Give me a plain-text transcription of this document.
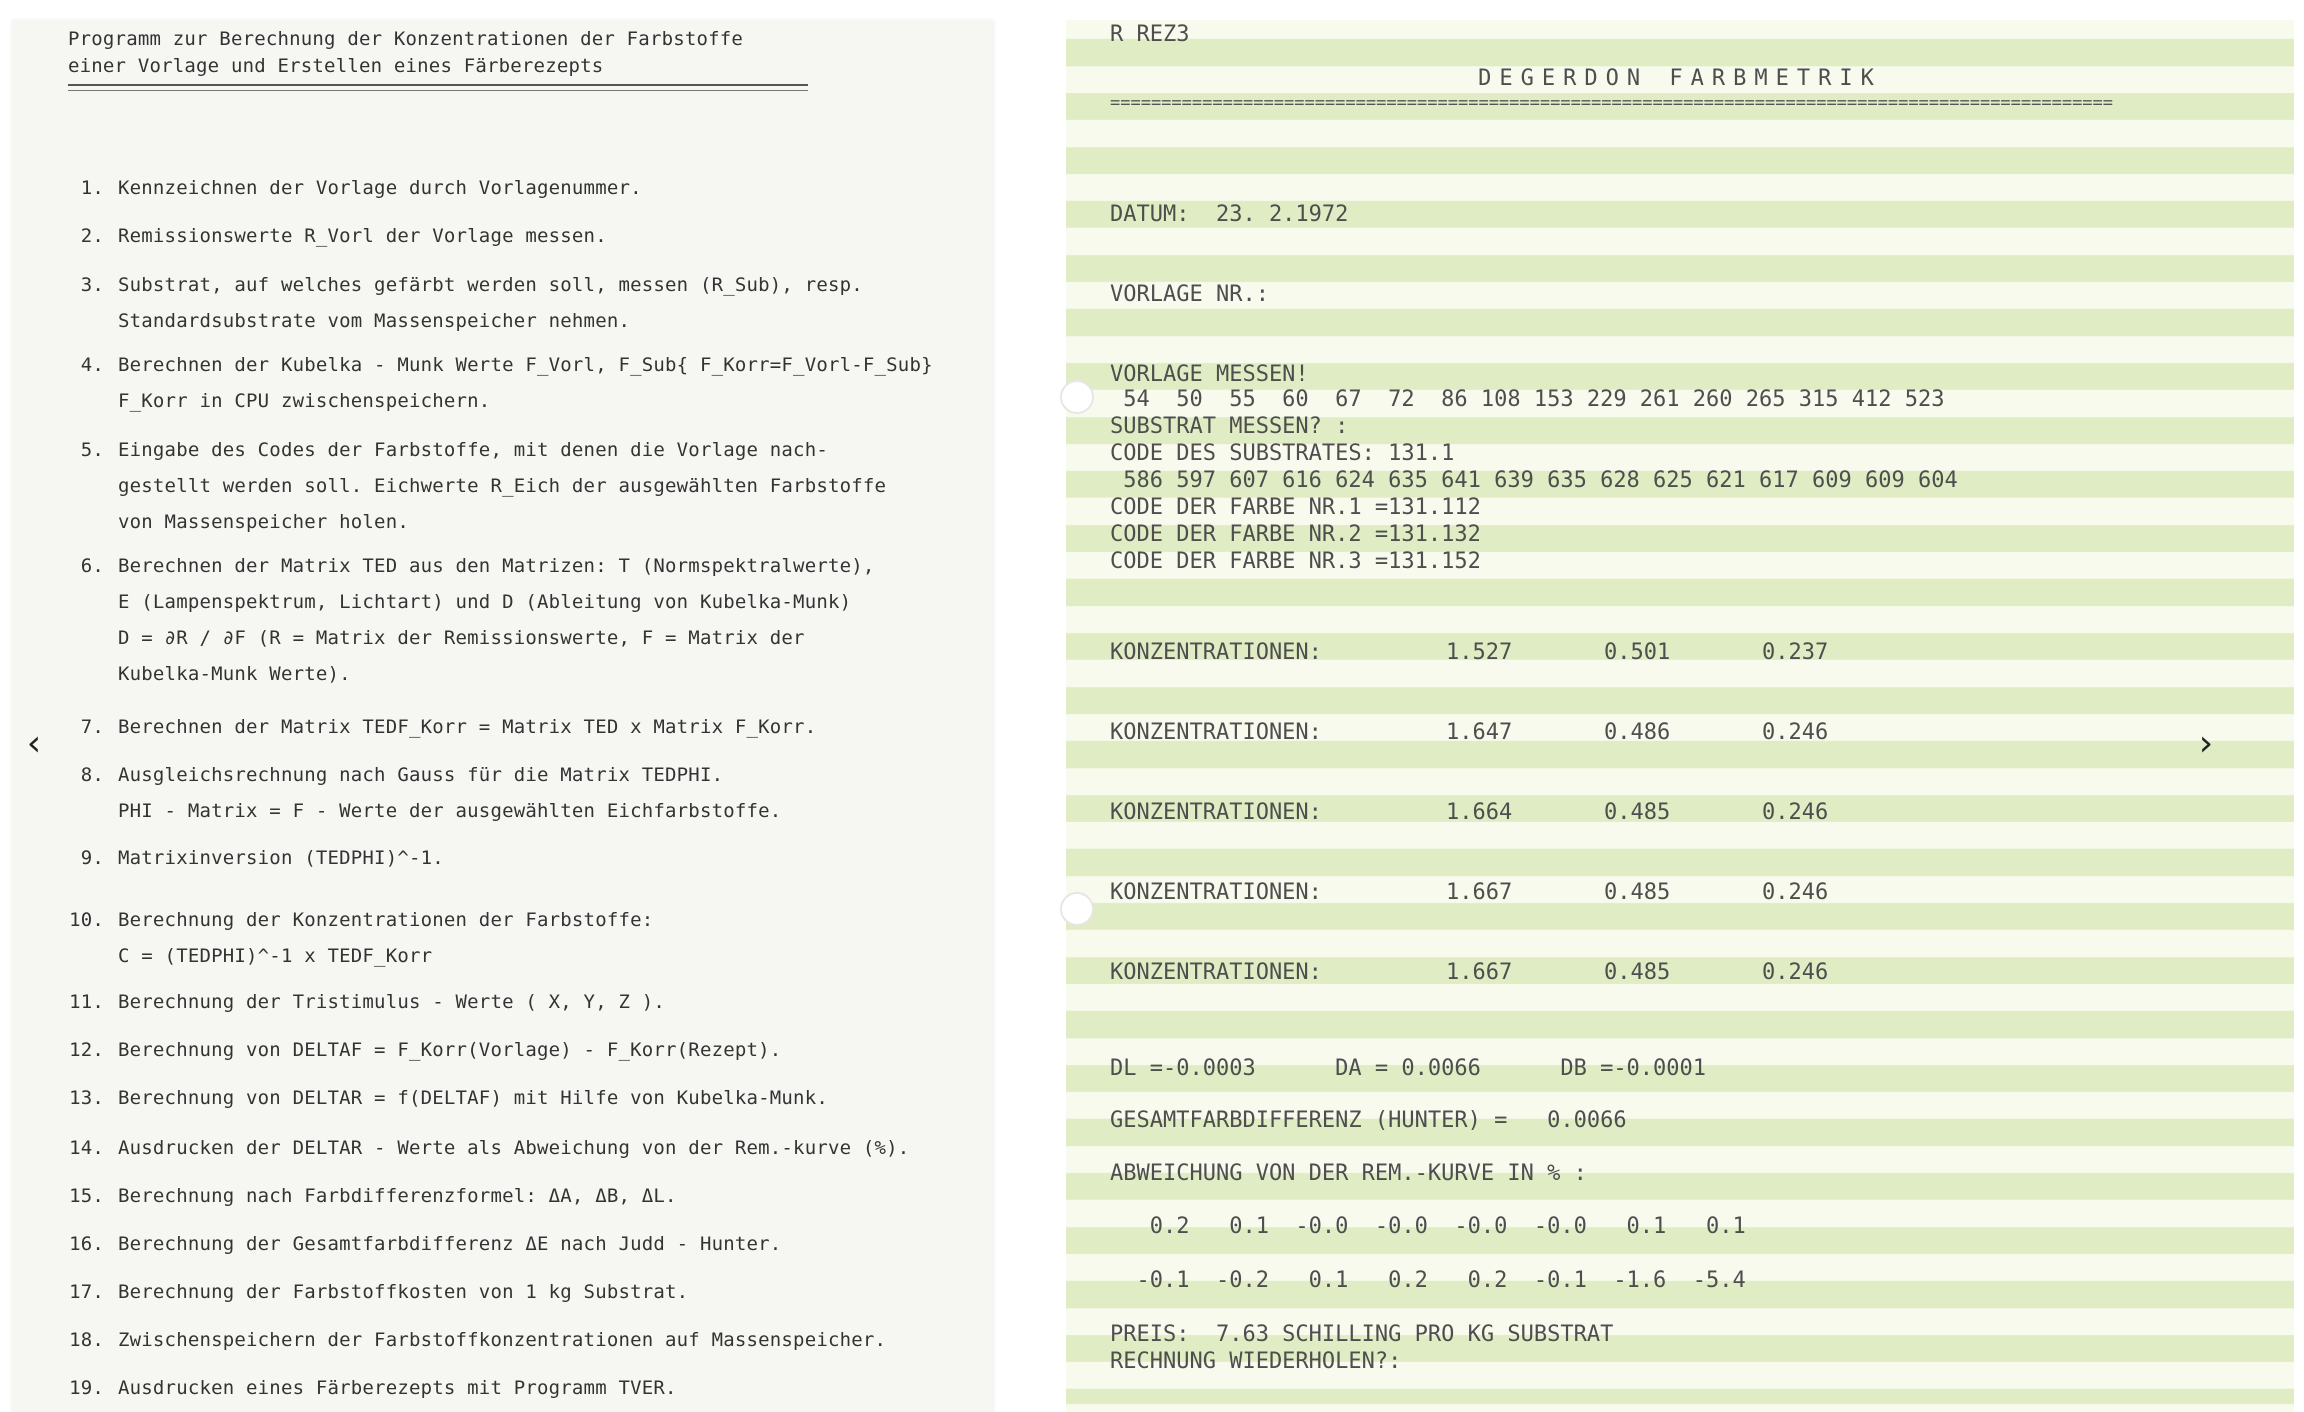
Programm zur Berechnung der Konzentrationen der Farbstoffe
einer Vorlage und Erstellen eines Färberezepts
1. Kennzeichnen der Vorlage durch Vorlagenummer.
2. Remissionswerte R_Vorl der Vorlage messen.
3. Substrat, auf welches gefärbt werden soll, messen (R_Sub), resp.
Standardsubstrate vom Massenspeicher nehmen.
4. Berechnen der Kubelka - Munk Werte F_Vorl, F_Sub{ F_Korr=F_Vorl-F_Sub}
F_Korr in CPU zwischenspeichern.
5. Eingabe des Codes der Farbstoffe, mit denen die Vorlage nach-
gestellt werden soll. Eichwerte R_Eich der ausgewählten Farbstoffe
von Massenspeicher holen.
6. Berechnen der Matrix TED aus den Matrizen: T (Normspektralwerte),
E (Lampenspektrum, Lichtart) und D (Ableitung von Kubelka-Munk)
D = ∂R / ∂F (R = Matrix der Remissionswerte, F = Matrix der
Kubelka-Munk Werte).
7. Berechnen der Matrix TEDF_Korr = Matrix TED x Matrix F_Korr.
8. Ausgleichsrechnung nach Gauss für die Matrix TEDPHI.
PHI - Matrix = F - Werte der ausgewählten Eichfarbstoffe.
9. Matrixinversion (TEDPHI)^-1.
10. Berechnung der Konzentrationen der Farbstoffe:
C = (TEDPHI)^-1 x TEDF_Korr
11. Berechnung der Tristimulus - Werte ( X, Y, Z ).
12. Berechnung von DELTAF = F_Korr(Vorlage) - F_Korr(Rezept).
13. Berechnung von DELTAR = f(DELTAF) mit Hilfe von Kubelka-Munk.
14. Ausdrucken der DELTAR - Werte als Abweichung von der Rem.-kurve (%).
15. Berechnung nach Farbdifferenzformel: ΔA, ΔB, ΔL.
16. Berechnung der Gesamtfarbdifferenz ΔE nach Judd - Hunter.
17. Berechnung der Farbstoffkosten von 1 kg Substrat.
18. Zwischenspeichern der Farbstoffkonzentrationen auf Massenspeicher.
19. Ausdrucken eines Färberezepts mit Programm TVER.
R REZ3
DEGERDON FARBMETRIK
==================================================================================================
DATUM:  23. 2.1972
VORLAGE NR.:
VORLAGE MESSEN!
54  50  55  60  67  72  86 108 153 229 261 260 265 315 412 523
SUBSTRAT MESSEN? :
CODE DES SUBSTRATES: 131.1
586 597 607 616 624 635 641 639 635 628 625 621 617 609 609 604
CODE DER FARBE NR.1 =131.112
CODE DER FARBE NR.2 =131.132
CODE DER FARBE NR.3 =131.152
KONZENTRATIONEN:	1.527	0.501	0.237
KONZENTRATIONEN:	1.647	0.486	0.246
KONZENTRATIONEN:	1.664	0.485	0.246
KONZENTRATIONEN:	1.667	0.485	0.246
KONZENTRATIONEN:	1.667	0.485	0.246
DL =-0.0003      DA = 0.0066      DB =-0.0001
GESAMTFARBDIFFERENZ (HUNTER) =   0.0066
ABWEICHUNG VON DER REM.-KURVE IN % :
0.2   0.1  -0.0  -0.0  -0.0  -0.0   0.1   0.1
-0.1  -0.2   0.1   0.2   0.2  -0.1  -1.6  -5.4
PREIS:  7.63 SCHILLING PRO KG SUBSTRAT
RECHNUNG WIEDERHOLEN?:
‹	›
